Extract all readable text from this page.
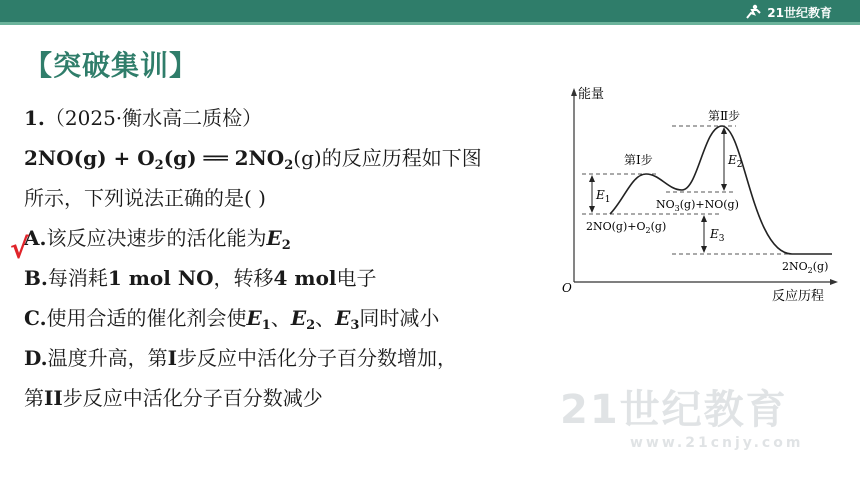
21世纪教育
【突破集训】
1.（2025·衡水高二质检）
$2NO(g) + O_2(g)$ ══ $2NO_2(g)$的反应历程如下图
所示，下列说法正确的是( )
A.该反应决速步的活化能为$E_2$
B.每消耗1 mol NO，转移4 mol电子
C.使用合适的催化剂会使$E_1$、$E_2$、$E_3$同时减小
D.温度升高，第I步反应中活化分子百分数增加，
第II步反应中活化分子百分数减少
√
能量
O
反应历程
$E_1$
$E_2$
$E_3$
第Ⅰ步
第Ⅱ步
$NO_3(g)+NO(g)$
$2NO(g)+O_2(g)$
$2NO_2(g)$
21世纪教育
www.21cnjy.com
